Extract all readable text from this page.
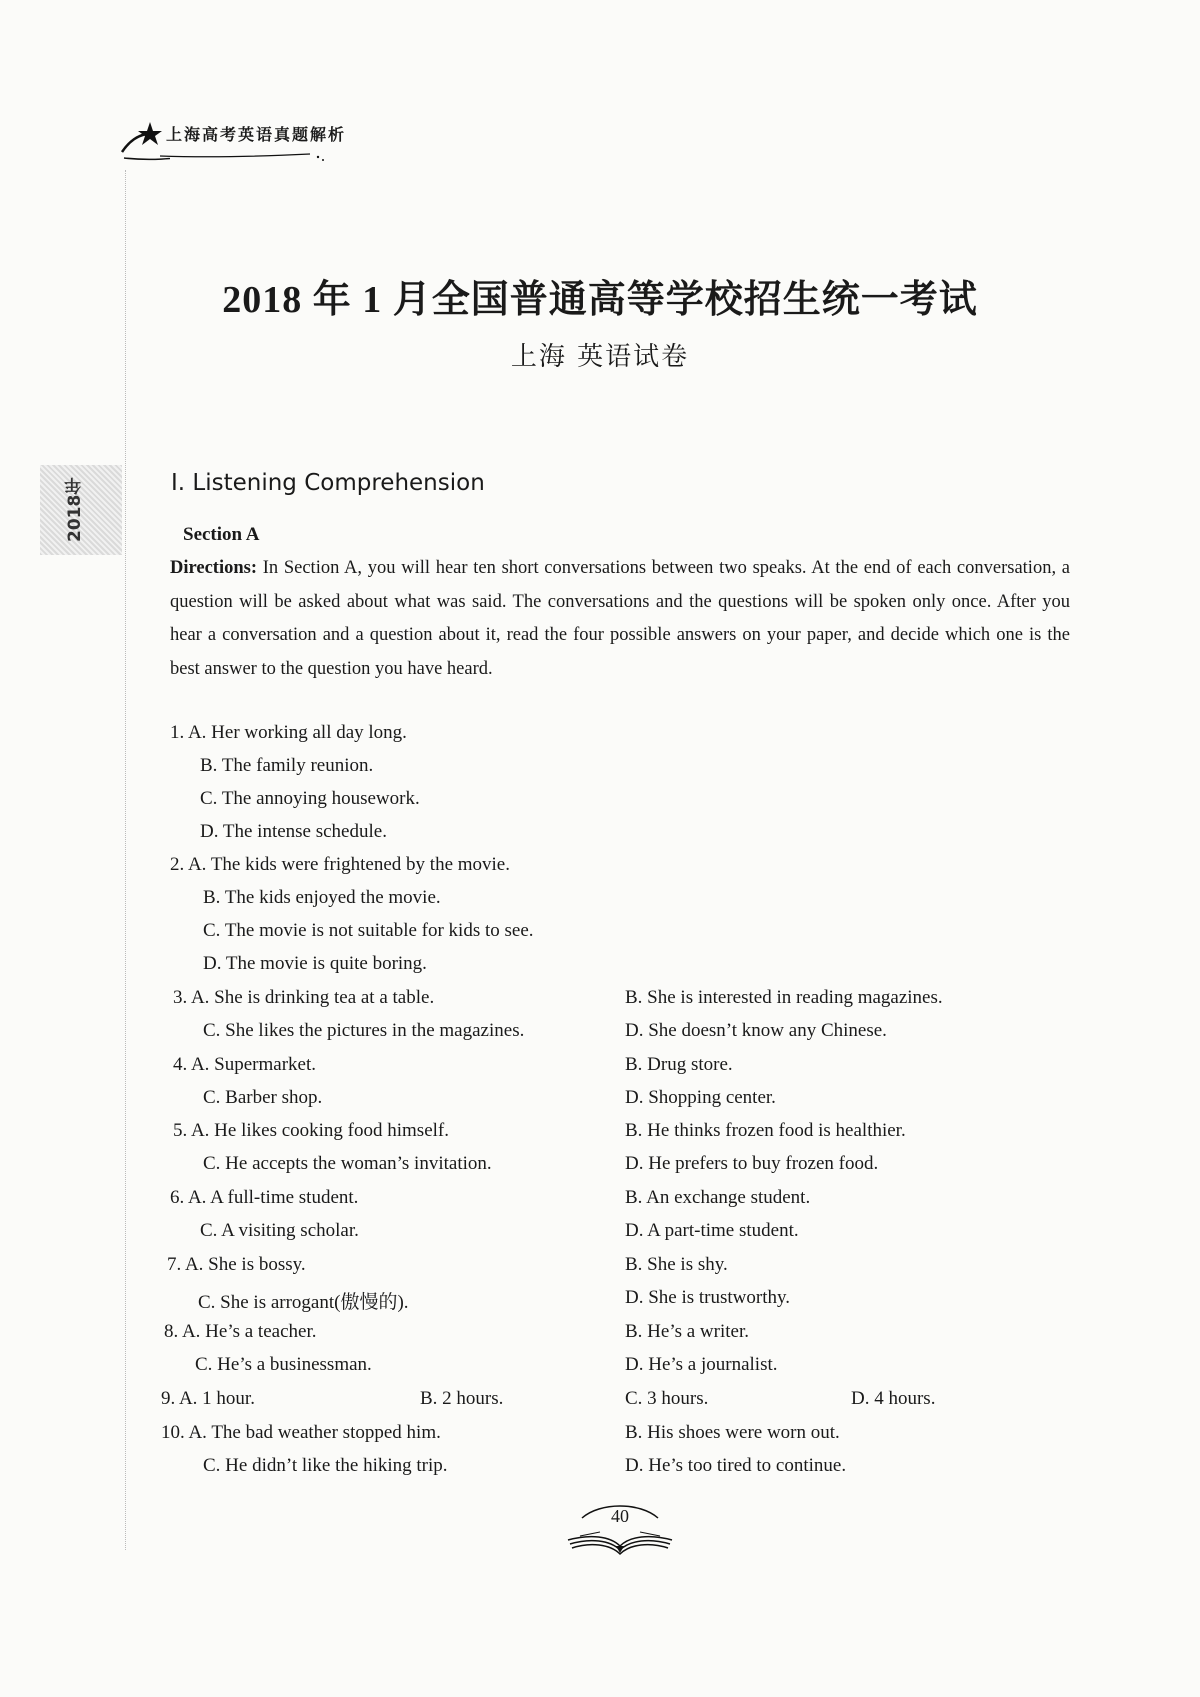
上海高考英语真题解析
2018年
2018 年 1 月全国普通高等学校招生统一考试
上海 英语试卷
I. Listening Comprehension
Section A
Directions: In Section A, you will hear ten short conversations between two speaks. At the end of each conversation, a question will be asked about what was said. The conversations and the questions will be spoken only once. After you hear a conversation and a question about it, read the four possible answers on your paper, and decide which one is the best answer to the question you have heard.
1. A. Her working all day long.
B. The family reunion.
C. The annoying housework.
D. The intense schedule.
2. A. The kids were frightened by the movie.
B. The kids enjoyed the movie.
C. The movie is not suitable for kids to see.
D. The movie is quite boring.
3. A. She is drinking tea at a table.	B. She is interested in reading magazines.
C. She likes the pictures in the magazines.	D. She doesn’t know any Chinese.
4. A. Supermarket.	B. Drug store.
C. Barber shop.	D. Shopping center.
5. A. He likes cooking food himself.	B. He thinks frozen food is healthier.
C. He accepts the woman’s invitation.	D. He prefers to buy frozen food.
6. A. A full-time student.	B. An exchange student.
C. A visiting scholar.	D. A part-time student.
7. A. She is bossy.	B. She is shy.
C. She is arrogant(傲慢的).	D. She is trustworthy.
8. A. He’s a teacher.	B. He’s a writer.
C. He’s a businessman.	D. He’s a journalist.
9. A. 1 hour.	B. 2 hours.	C. 3 hours.	D. 4 hours.
10. A. The bad weather stopped him.	B. His shoes were worn out.
C. He didn’t like the hiking trip.	D. He’s too tired to continue.
40
